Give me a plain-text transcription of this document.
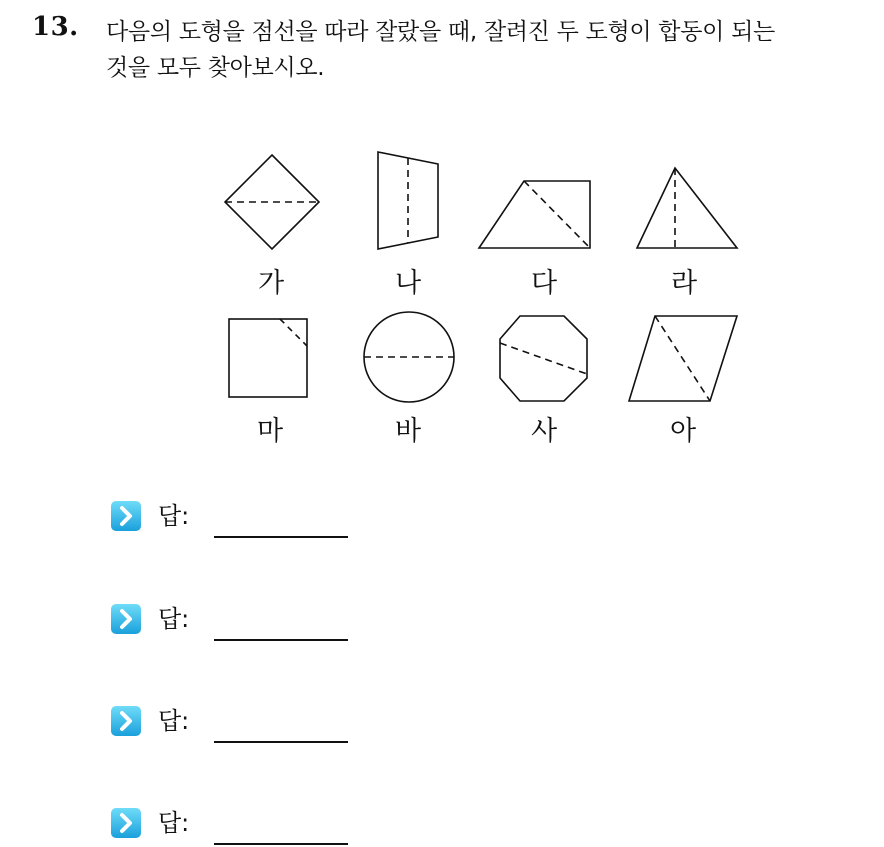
13. 다음의 도형을 점선을 따라 잘랐을 때, 잘려진 두 도형이 합동이 되는
것을 모두 찾아보시오.
가	나	다	라
마	바	사	아
답:
답:
답:
답:
